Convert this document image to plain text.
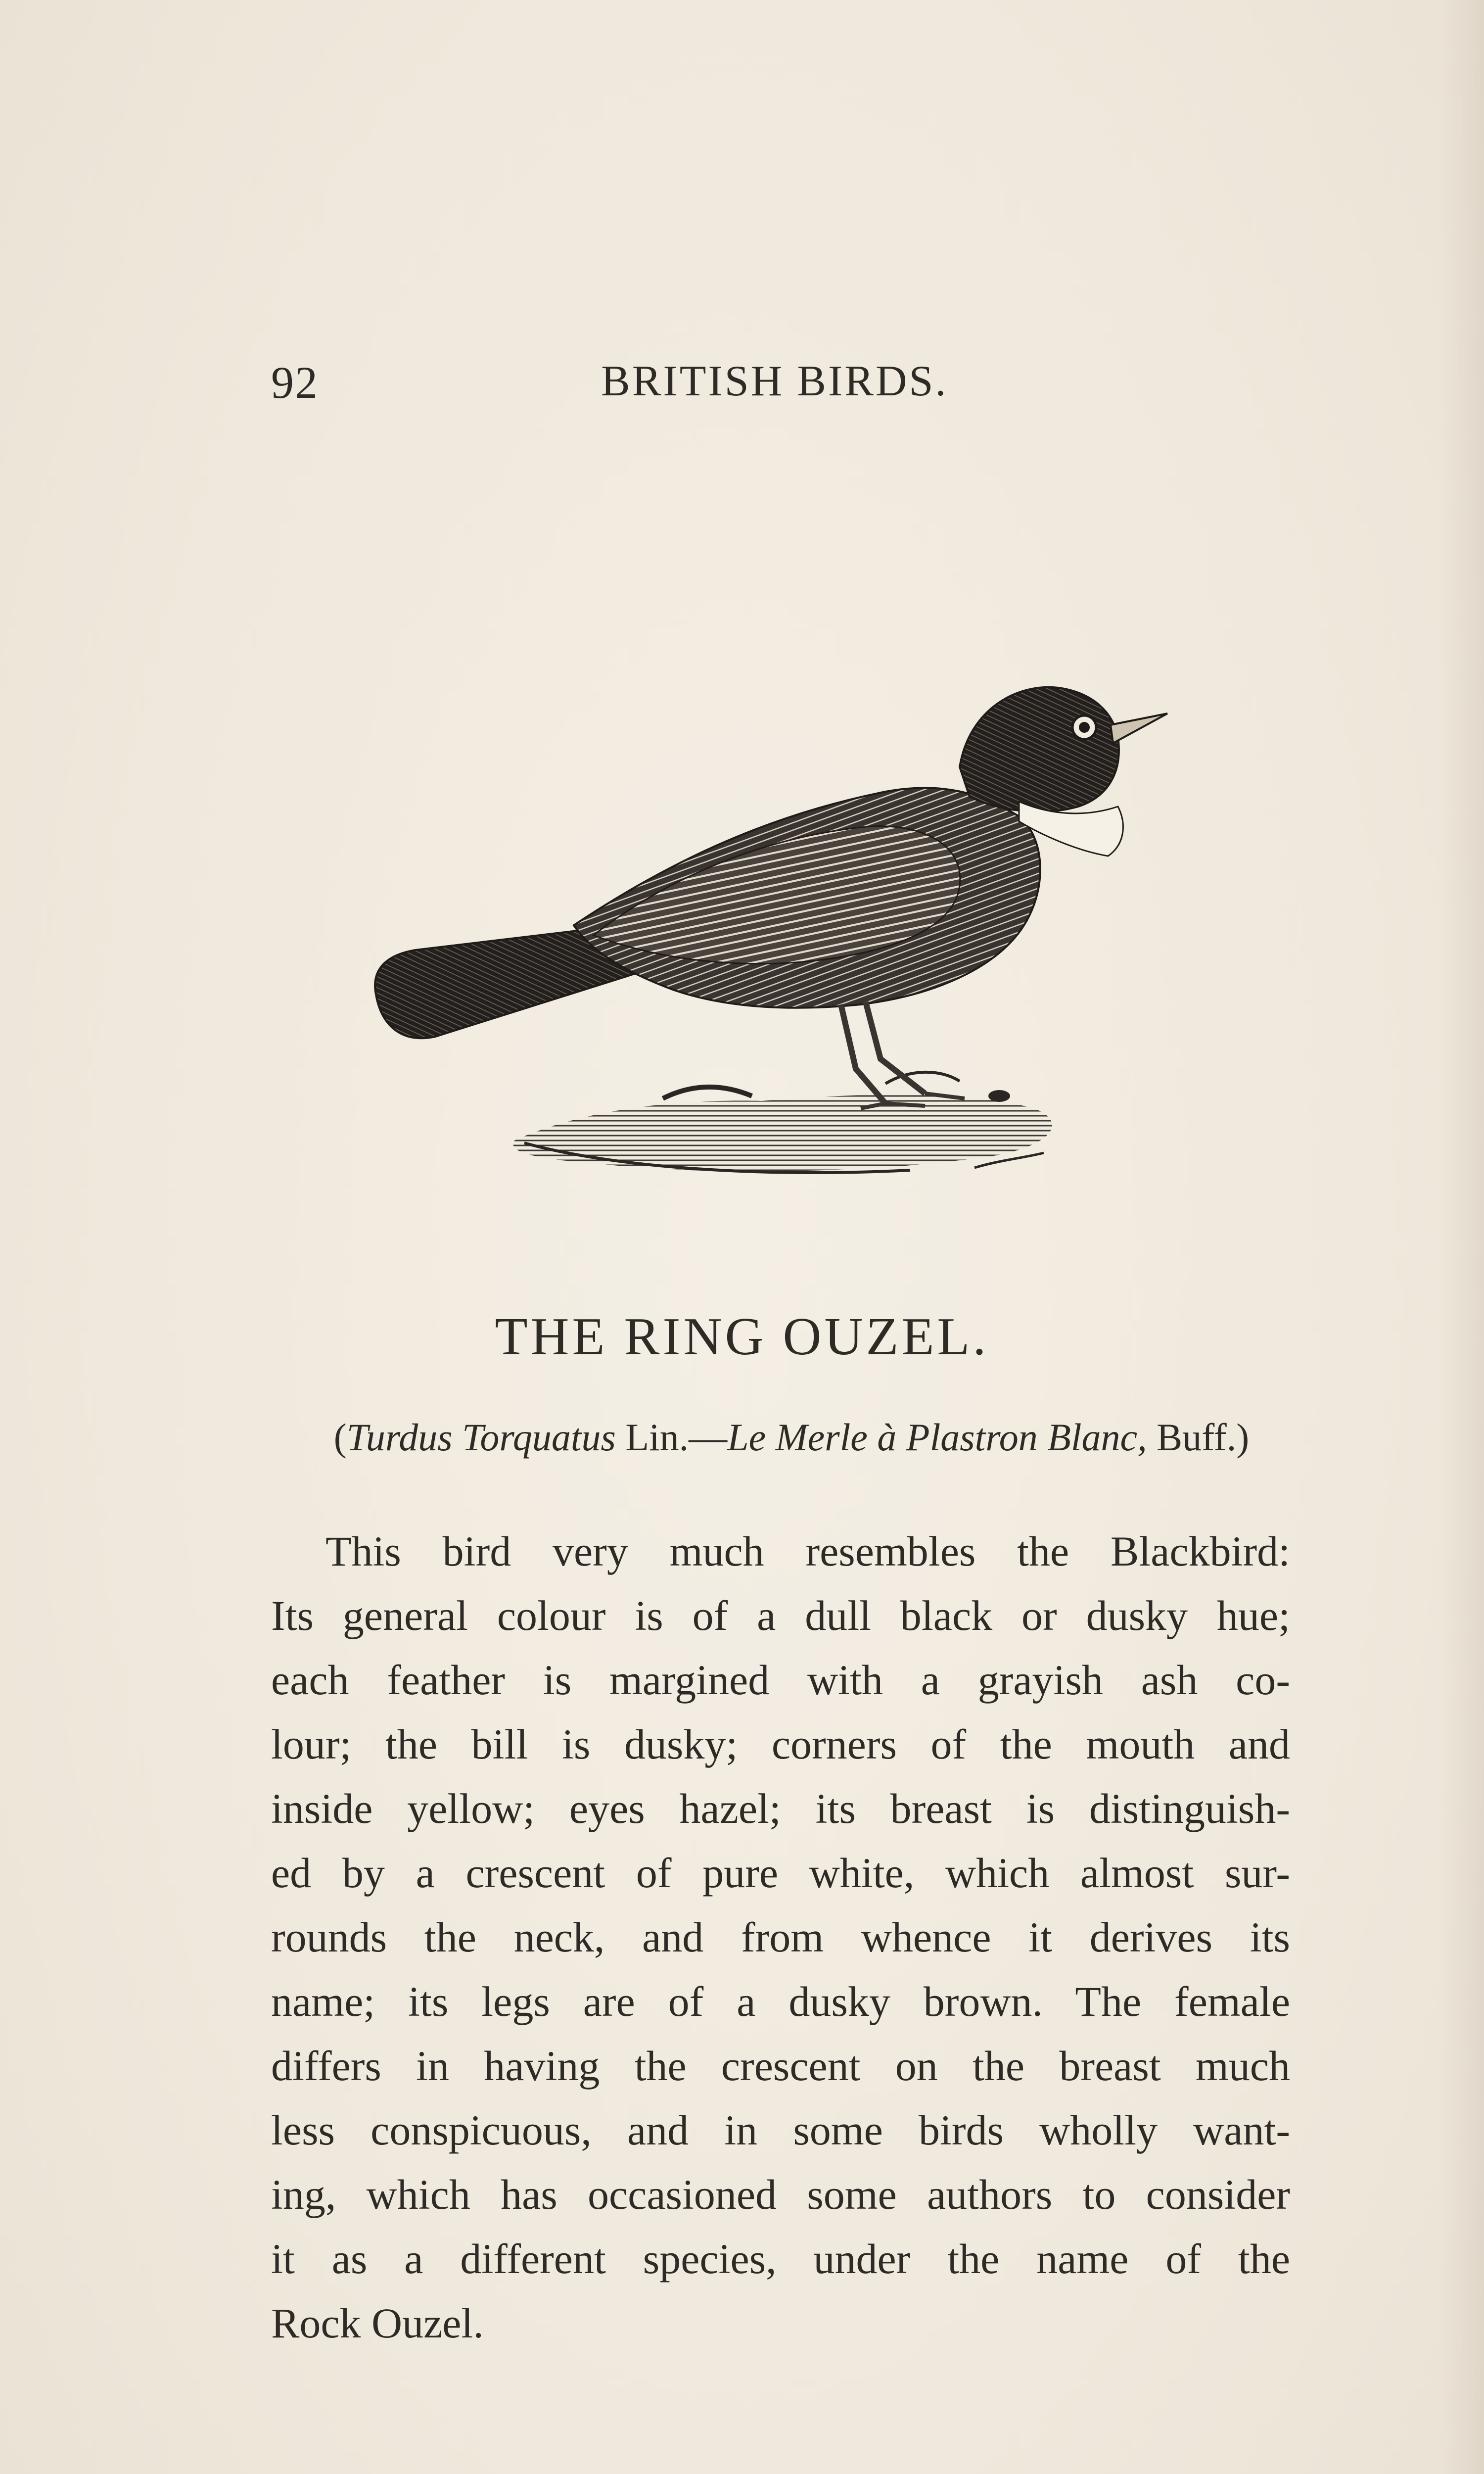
92	BRITISH BIRDS.
THE RING OUZEL.
(Turdus Torquatus Lin.—Le Merle à Plastron Blanc, Buff.)

This bird very much resembles the Blackbird:
Its general colour is of a dull black or dusky hue;
each feather is margined with a grayish ash co-
lour; the bill is dusky; corners of the mouth and
inside yellow; eyes hazel; its breast is distinguish-
ed by a crescent of pure white, which almost sur-
rounds the neck, and from whence it derives its
name; its legs are of a dusky brown. The female
differs in having the crescent on the breast much
less conspicuous, and in some birds wholly want-
ing, which has occasioned some authors to consider
it as a different species, under the name of the
Rock Ouzel.
